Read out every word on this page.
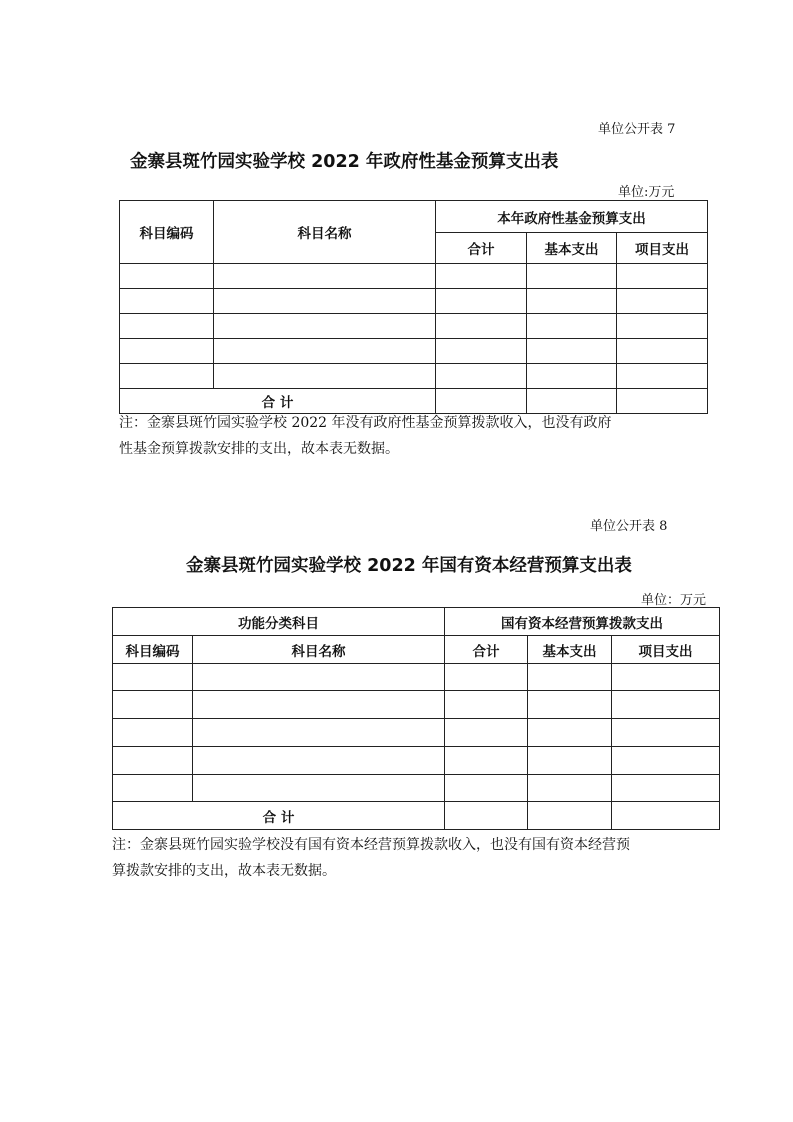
单位公开表 7
金寨县斑竹园实验学校 2022 年政府性基金预算支出表
单位:万元
科目编码	科目名称	本年政府性基金预算支出		
		合计	基本支出	项目支出

合 计				
注：金寨县斑竹园实验学校 2022 年没有政府性基金预算拨款收入，也没有政府
性基金预算拨款安排的支出，故本表无数据。
单位公开表 8
金寨县斑竹园实验学校 2022 年国有资本经营预算支出表
单位：万元
功能分类科目		国有资本经营预算拨款支出		
科目编码	科目名称	合计	基本支出	项目支出

合 计				
注：金寨县斑竹园实验学校没有国有资本经营预算拨款收入，也没有国有资本经营预
算拨款安排的支出，故本表无数据。
